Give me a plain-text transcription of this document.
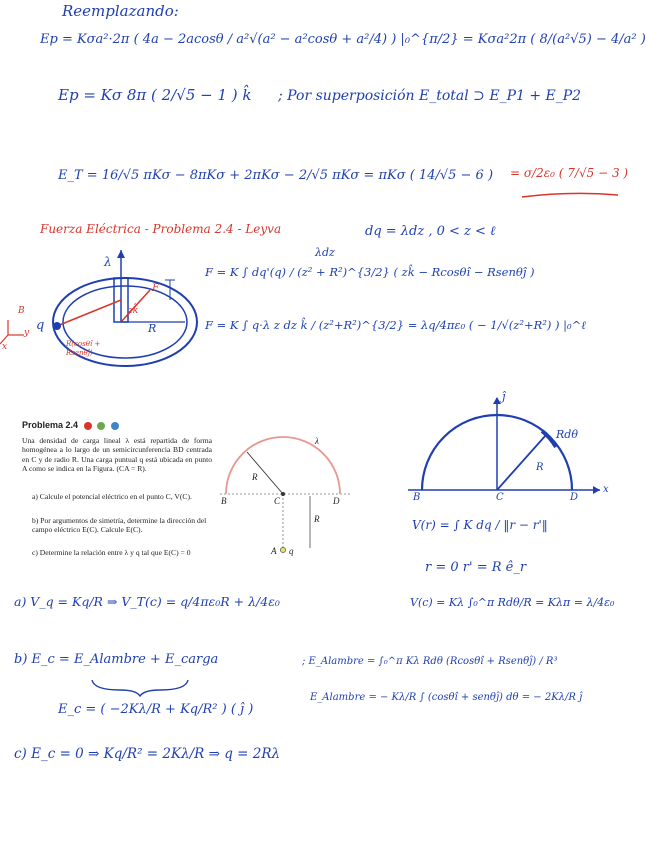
Reemplazando:
Ep = Kσa²·2π ( 4a − 2acosθ / a²√(a² − a²cosθ + a²/4) ) |₀^{π/2} = Kσa²2π ( 8/(a²√5) − 4/a² )
Ep = Kσ 8π ( 2/√5 − 1 ) k̂ ; Por superposición E_total ⊃ E_P1 + E_P2
E_T = 16/√5 πKσ − 8πKσ + 2πKσ − 2/√5 πKσ = πKσ ( 14/√5 − 6 ) = σ/2ε₀ ( 7/√5 − 3 )
Fuerza Eléctrica - Problema 2.4 - Leyva	dq = λdz , 0 < z < ℓ
λdz
F = K ∫ dq'(q) / (z² + R²)^{3/2} ( zk̂ − Rcosθî − Rsenθĵ )
F = K ∫ q·λ z dz k̂ / (z²+R²)^{3/2} = λq/4πε₀ ( − 1/√(z²+R²) ) |₀^ℓ
λ
q
F
R
zk̂
B
x
y
R(cosθî + Rsenθĵ)
Problema 2.4
Una densidad de carga lineal λ está repartida de forma homogénea a lo largo de un semicircunferencia BD centrada en C y de radio R. Una carga puntual q está ubicada en punto A como se indica en la Figura. (CA = R).
a) Calcule el potencial eléctrico en el punto C, V(C).
b) Por argumentos de simetría, determine la dirección del campo eléctrico E(C). Calcule E(C).
c) Determine la relación entre λ y q tal que E(C) = 0
λ
R
B	C	D
R
A q
ĵ
Rdθ
R
B	C	D
x
V(r) = ∫ K dq / ‖r − r'‖
r = 0 r' = R ê_r
a) V_q = Kq/R ⇒ V_T(c) = q/4πε₀R + λ/4ε₀	V(c) = Kλ ∫₀^π Rdθ/R = Kλπ = λ/4ε₀
b) E_c = E_Alambre + E_carga
E_c = ( −2Kλ/R + Kq/R² ) ( ĵ )
; E_Alambre = ∫₀^π Kλ Rdθ (Rcosθî + Rsenθĵ) / R³
E_Alambre = − Kλ/R ∫ (cosθî + senθĵ) dθ = − 2Kλ/R ĵ
c) E_c = 0 ⇒ Kq/R² = 2Kλ/R ⇒ q = 2Rλ
